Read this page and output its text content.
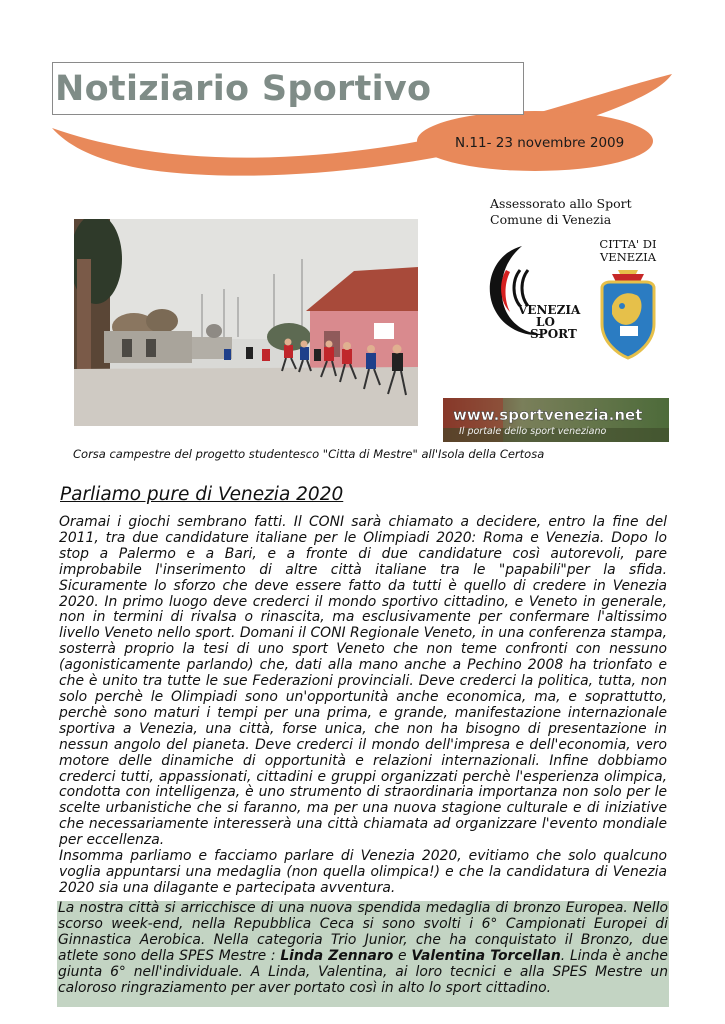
Notiziario Sportivo
N.11- 23 novembre 2009
Assessorato allo Sport
Comune di Venezia
Corsa campestre del progetto studentesco "Citta di Mestre" all'Isola della Certosa
VENEZIA
LO
SPORT
CITTA' DI
VENEZIA
www.sportvenezia.net
Il portale dello sport veneziano
Parliamo pure di Venezia 2020

Oramai i giochi sembrano fatti. Il CONI sarà chiamato a decidere, entro la fine del 2011, tra due candidature italiane per le Olimpiadi 2020: Roma e Venezia. Dopo lo stop a Palermo e a Bari, e a fronte di due candidature così autorevoli, pare improbabile l'inserimento di altre città italiane tra le "papabili"per la sfida. Sicuramente lo sforzo che deve essere fatto da tutti è quello di credere in Venezia 2020. In primo luogo deve crederci il mondo sportivo cittadino, e Veneto in generale, non in termini di rivalsa o rinascita, ma esclusivamente per confermare l'altissimo livello Veneto nello sport. Domani il CONI Regionale Veneto, in una conferenza stampa, sosterrà proprio la tesi di uno sport Veneto che non teme confronti con nessuno (agonisticamente parlando) che, dati alla mano anche a Pechino 2008 ha trionfato e che è unito tra tutte le sue Federazioni provinciali. Deve crederci la politica, tutta, non solo perchè le Olimpiadi sono un'opportunità anche economica, ma, e soprattutto, perchè sono maturi i tempi per una prima, e grande, manifestazione internazionale sportiva a Venezia, una città, forse unica, che non ha bisogno di presentazione in nessun angolo del pianeta. Deve crederci il mondo dell'impresa e dell'economia, vero motore delle dinamiche di opportunità e relazioni internazionali. Infine dobbiamo crederci tutti, appassionati, cittadini e gruppi organizzati perchè l'esperienza olimpica, condotta con intelligenza, è uno strumento di straordinaria importanza non solo per le scelte urbanistiche che si faranno, ma per una nuova stagione culturale e di iniziative che necessariamente interesserà una città chiamata ad organizzare l'evento mondiale per eccellenza.

Insomma parliamo e facciamo parlare di Venezia 2020, evitiamo che solo qualcuno voglia appuntarsi una medaglia (non quella olimpica!) e che la candidatura di Venezia 2020 sia una dilagante e partecipata avventura.

La nostra città si arricchisce di una nuova spendida medaglia di bronzo Europea. Nello scorso week-end, nella Repubblica Ceca si sono svolti i 6° Campionati Europei di Ginnastica Aerobica. Nella categoria Trio Junior, che ha conquistato il Bronzo, due atlete sono della SPES Mestre : Linda Zennaro e Valentina Torcellan. Linda è anche giunta 6° nell'individuale. A Linda, Valentina, ai loro tecnici e alla SPES Mestre un caloroso ringraziamento per aver portato così in alto lo sport cittadino.
